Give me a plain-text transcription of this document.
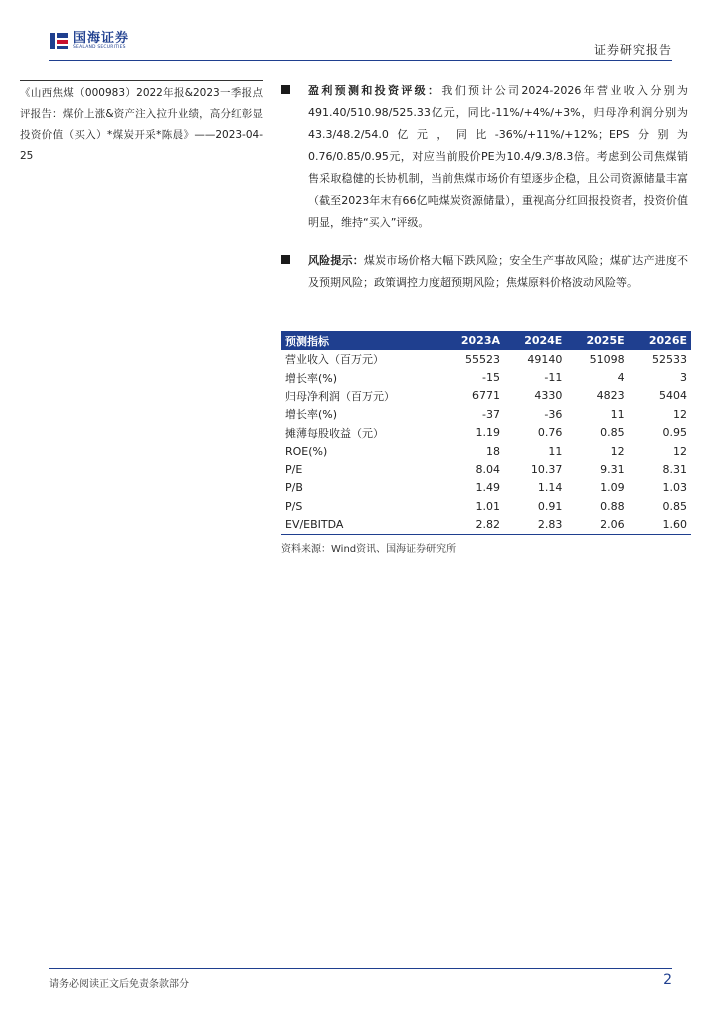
国海证券
SEALAND SECURITIES	证券研究报告
《山西焦煤（000983）2022年报&2023一季报点评报告：煤价上涨&资产注入拉升业绩，高分红彰显投资价值（买入）*煤炭开采*陈晨》——2023-04-25
盈利预测和投资评级：我们预计公司2024-2026年营业收入分别为491.40/510.98/525.33亿元，同比-11%/+4%/+3%，归母净利润分别为43.3/48.2/54.0亿元，同比-36%/+11%/+12%；EPS分别为0.76/0.85/0.95元，对应当前股价PE为10.4/9.3/8.3倍。考虑到公司焦煤销售采取稳健的长协机制，当前焦煤市场价有望逐步企稳，且公司资源储量丰富（截至2023年末有66亿吨煤炭资源储量），重视高分红回报投资者，投资价值明显，维持“买入”评级。
风险提示：煤炭市场价格大幅下跌风险；安全生产事故风险；煤矿达产进度不及预期风险；政策调控力度超预期风险；焦煤原料价格波动风险等。
预测指标	2023A	2024E	2025E	2026E
营业收入（百万元）	55523	49140	51098	52533
增长率(%)	-15	-11	4	3
归母净利润（百万元）	6771	4330	4823	5404
增长率(%)	-37	-36	11	12
摊薄每股收益（元）	1.19	0.76	0.85	0.95
ROE(%)	18	11	12	12
P/E	8.04	10.37	9.31	8.31
P/B	1.49	1.14	1.09	1.03
P/S	1.01	0.91	0.88	0.85
EV/EBITDA	2.82	2.83	2.06	1.60
资料来源：Wind资讯、国海证券研究所
请务必阅读正文后免责条款部分	2
